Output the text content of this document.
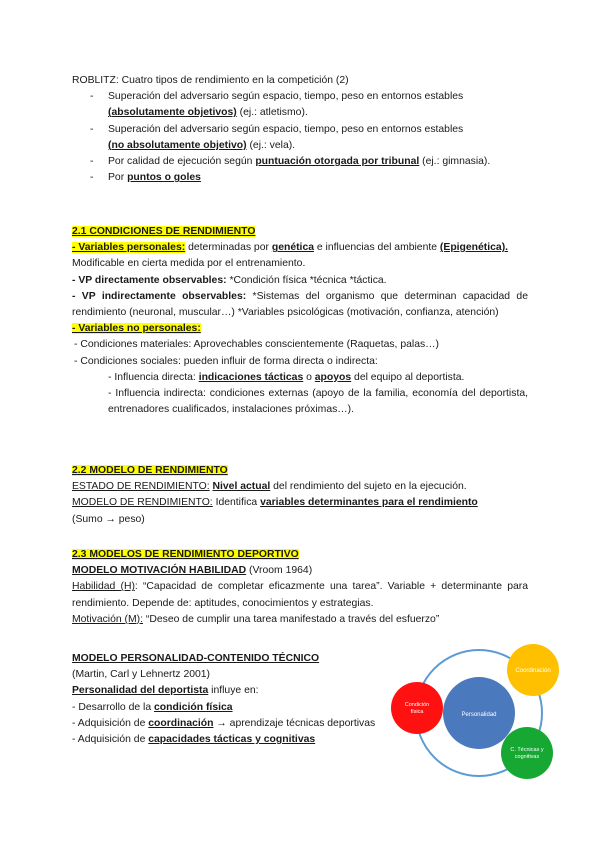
ROBLITZ: Cuatro tipos de rendimiento en la competición (2)

- Superación del adversario según espacio, tiempo, peso en entornos estables
(absolutamente objetivos) (ej.: atletismo).
- Superación del adversario según espacio, tiempo, peso en entornos estables
(no absolutamente objetivo) (ej.: vela).
- Por calidad de ejecución según puntuación otorgada por tribunal (ej.: gimnasia).
- Por puntos o goles

2.1 CONDICIONES DE RENDIMIENTO

- Variables personales: determinadas por genética e influencias del ambiente (Epigenética).
Modificable en cierta medida por el entrenamiento.

- VP directamente observables: *Condición física *técnica *táctica.

- VP indirectamente observables: *Sistemas del organismo que determinan capacidad de rendimiento (neuronal, muscular…) *Variables psicológicas (motivación, confianza, atención)

- Variables no personales:

- Condiciones materiales: Aprovechables conscientemente (Raquetas, palas…)

- Condiciones sociales: pueden influir de forma directa o indirecta:

- Influencia directa: indicaciones tácticas o apoyos del equipo al deportista.

- Influencia indirecta: condiciones externas (apoyo de la familia, economía del deportista, entrenadores cualificados, instalaciones próximas…).

2.2 MODELO DE RENDIMIENTO

ESTADO DE RENDIMIENTO: Nivel actual del rendimiento del sujeto en la ejecución.

MODELO DE RENDIMIENTO: Identifica variables determinantes para el rendimiento

(Sumo → peso)

2.3 MODELOS DE RENDIMIENTO DEPORTIVO

MODELO MOTIVACIÓN HABILIDAD (Vroom 1964)

Habilidad (H): “Capacidad de completar eficazmente una tarea”. Variable + determinante para rendimiento. Depende de: aptitudes, conocimientos y estrategias.

Motivación (M): “Deseo de cumplir una tarea manifestado a través del esfuerzo”

MODELO PERSONALIDAD-CONTENIDO TÉCNICO

(Martin, Carl y Lehnertz 2001)

Personalidad del deportista influye en:

- Desarrollo de la condición física

- Adquisición de coordinación → aprendizaje técnicas deportivas

- Adquisición de capacidades tácticas y cognitivas

Personalidad
Condición
física
Coordinación
C. Técnicas y
cognitivas
